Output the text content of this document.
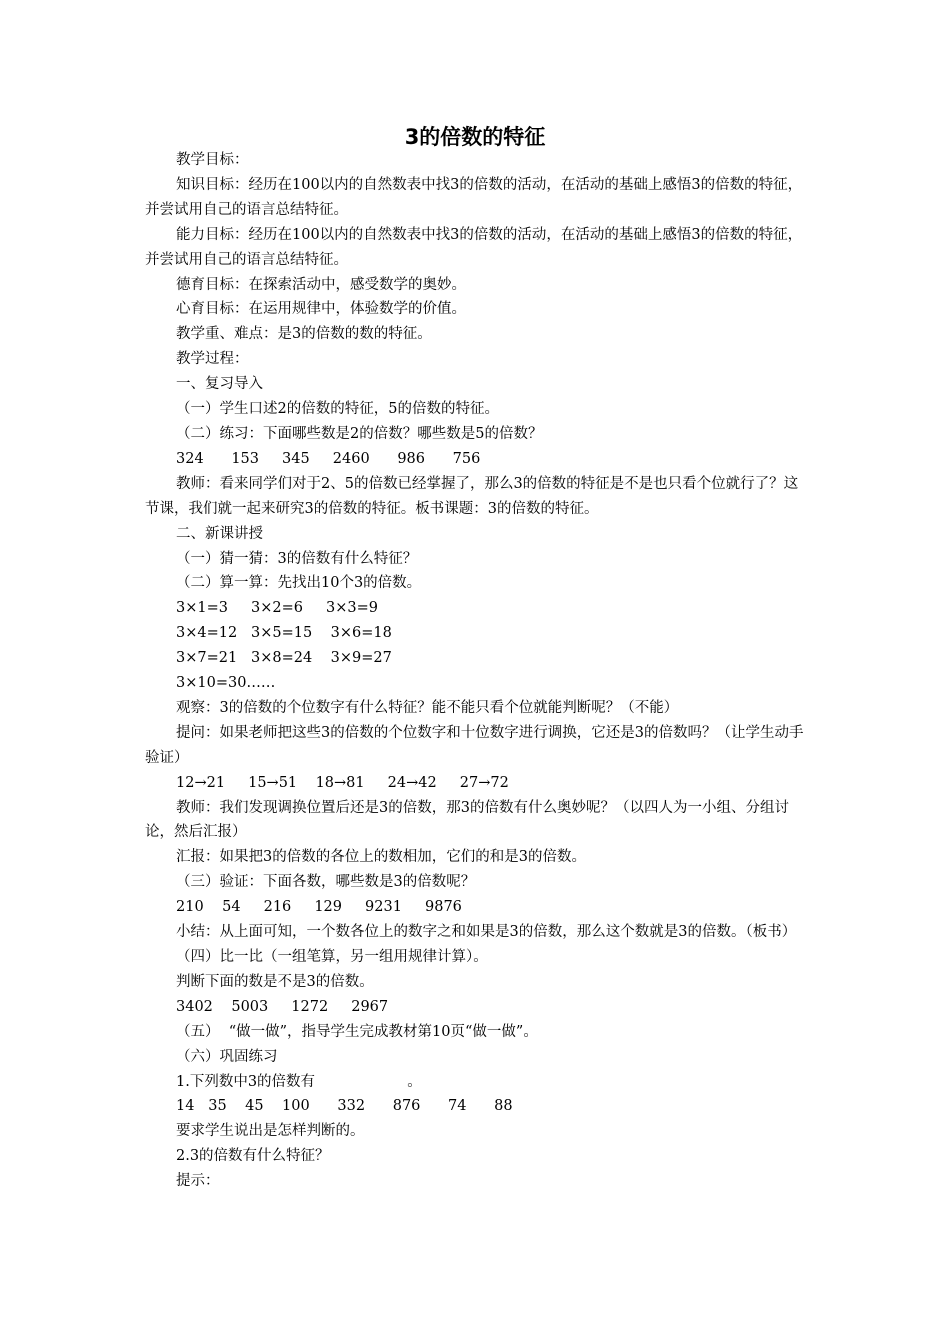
3的倍数的特征

教学目标：

知识目标：经历在100以内的自然数表中找3的倍数的活动，在活动的基础上感悟3的倍数的特征，并尝试用自己的语言总结特征。

能力目标：经历在100以内的自然数表中找3的倍数的活动，在活动的基础上感悟3的倍数的特征，并尝试用自己的语言总结特征。

德育目标：在探索活动中，感受数学的奥妙。

心育目标：在运用规律中，体验数学的价值。

教学重、难点：是3的倍数的数的特征。

教学过程：

一、复习导入

（一）学生口述2的倍数的特征，5的倍数的特征。

（二）练习：下面哪些数是2的倍数？哪些数是5的倍数？

324      153     345     2460      986      756

教师：看来同学们对于2、5的倍数已经掌握了，那么3的倍数的特征是不是也只看个位就行了？这节课，我们就一起来研究3的倍数的特征。板书课题：3的倍数的特征。

二、新课讲授

（一）猜一猜：3的倍数有什么特征？

（二）算一算：先找出10个3的倍数。

3×1=3     3×2=6     3×3=9

3×4=12   3×5=15    3×6=18

3×7=21   3×8=24    3×9=27

3×10=30……

观察：3的倍数的个位数字有什么特征？能不能只看个位就能判断呢？（不能）

提问：如果老师把这些3的倍数的个位数字和十位数字进行调换，它还是3的倍数吗？（让学生动手验证）

12→21     15→51    18→81     24→42     27→72

教师：我们发现调换位置后还是3的倍数，那3的倍数有什么奥妙呢？（以四人为一小组、分组讨论，然后汇报）

汇报：如果把3的倍数的各位上的数相加，它们的和是3的倍数。

（三）验证：下面各数，哪些数是3的倍数呢？

210    54     216     129     9231     9876

小结：从上面可知，一个数各位上的数字之和如果是3的倍数，那么这个数就是3的倍数。（板书）

（四）比一比（一组笔算，另一组用规律计算）。

判断下面的数是不是3的倍数。

3402    5003     1272     2967

（五）  “做一做”，指导学生完成教材第10页“做一做”。

（六）巩固练习

1.下列数中3的倍数有                    。

14   35    45    100      332      876      74      88

要求学生说出是怎样判断的。

2.3的倍数有什么特征？

提示：
